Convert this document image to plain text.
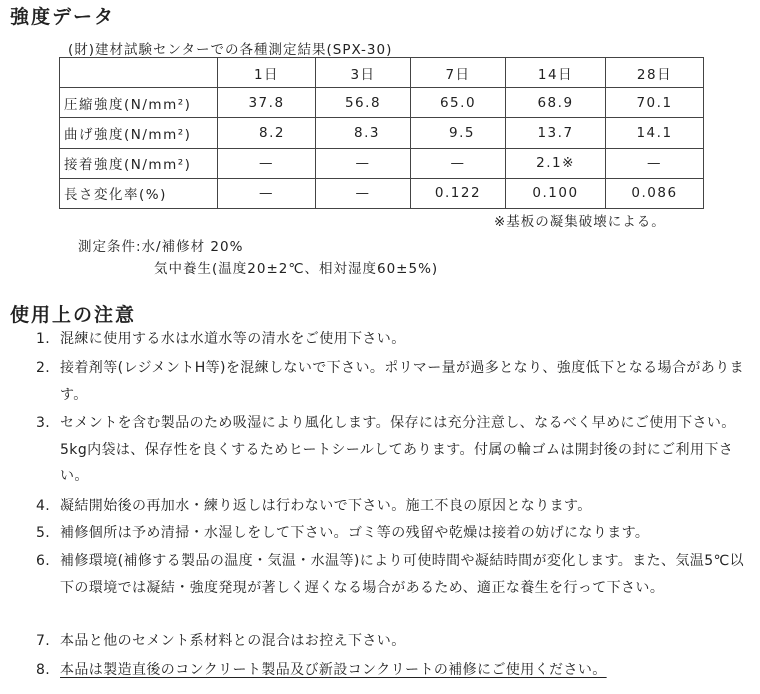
強度データ
(財)建材試験センターでの各種測定結果(SPX-30)
	1日	3日	7日	14日	28日
圧縮強度(N/mm²)	37.8	56.8	65.0	68.9	70.1
曲げ強度(N/mm²)	8.2	8.3	9.5	13.7	14.1
接着強度(N/mm²)	—	—	—	2.1※	—
長さ変化率(%)	—	—	0.122	0.100	0.086
※基板の凝集破壊による。
測定条件:水/補修材 20%
気中養生(温度20±2℃、相対湿度60±5%)
使用上の注意
1. 混練に使用する水は水道水等の清水をご使用下さい。
2. 接着剤等(レジメントH等)を混練しないで下さい。ポリマー量が過多となり、強度低下となる場合があります。
3. セメントを含む製品のため吸湿により風化します。保存には充分注意し、なるべく早めにご使用下さい。5kg内袋は、保存性を良くするためヒートシールしてあります。付属の輪ゴムは開封後の封にご利用下さい。
4. 凝結開始後の再加水・練り返しは行わないで下さい。施工不良の原因となります。
5. 補修個所は予め清掃・水湿しをして下さい。ゴミ等の残留や乾燥は接着の妨げになります。
6. 補修環境(補修する製品の温度・気温・水温等)により可使時間や凝結時間が変化します。また、気温5℃以下の環境では凝結・強度発現が著しく遅くなる場合があるため、適正な養生を行って下さい。
7. 本品と他のセメント系材料との混合はお控え下さい。
8. 本品は製造直後のコンクリート製品及び新設コンクリートの補修にご使用ください。
